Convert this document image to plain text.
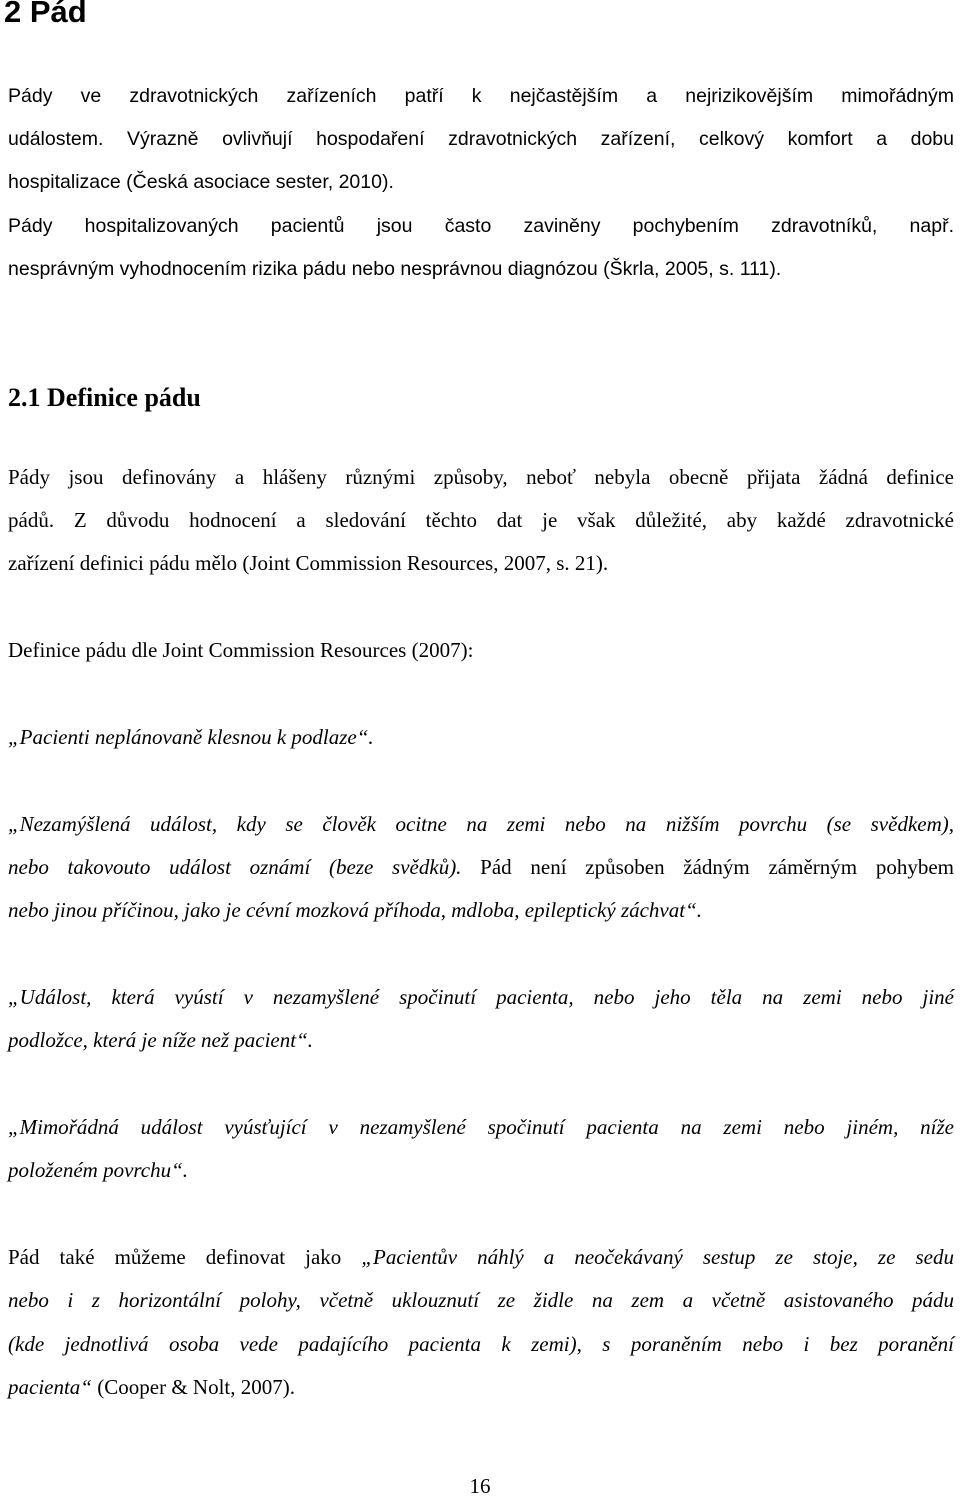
2 Pád
Pády ve zdravotnických zařízeních patří k nejčastějším a nejrizikovějším mimořádným
událostem. Výrazně ovlivňují hospodaření zdravotnických zařízení, celkový komfort a dobu
hospitalizace (Česká asociace sester, 2010).
Pády hospitalizovaných pacientů jsou často zaviněny pochybením zdravotníků, např.
nesprávným vyhodnocením rizika pádu nebo nesprávnou diagnózou (Škrla, 2005, s. 111).
2.1 Definice pádu
Pády jsou definovány a hlášeny různými způsoby, neboť nebyla obecně přijata žádná definice
pádů. Z důvodu hodnocení a sledování těchto dat je však důležité, aby každé zdravotnické
zařízení definici pádu mělo (Joint Commission Resources, 2007, s. 21).
Definice pádu dle Joint Commission Resources (2007):
„Pacienti neplánovaně klesnou k podlaze“.
„Nezamýšlená událost, kdy se člověk ocitne na zemi nebo na nižším povrchu (se svědkem),
nebo takovouto událost oznámí (beze svědků). Pád není způsoben žádným záměrným pohybem
nebo jinou příčinou, jako je cévní mozková příhoda, mdloba, epileptický záchvat“.
„Událost, která vyústí v nezamyšlené spočinutí pacienta, nebo jeho těla na zemi nebo jiné
podložce, která je níže než pacient“.
„Mimořádná událost vyúsťující v nezamyšlené spočinutí pacienta na zemi nebo jiném, níže
položeném povrchu“.
Pád také můžeme definovat jako „Pacientův náhlý a neočekávaný sestup ze stoje, ze sedu
nebo i z horizontální polohy, včetně uklouznutí ze židle na zem a včetně asistovaného pádu
(kde jednotlivá osoba vede padajícího pacienta k zemi), s poraněním nebo i bez poranění
pacienta“ (Cooper & Nolt, 2007).
16
